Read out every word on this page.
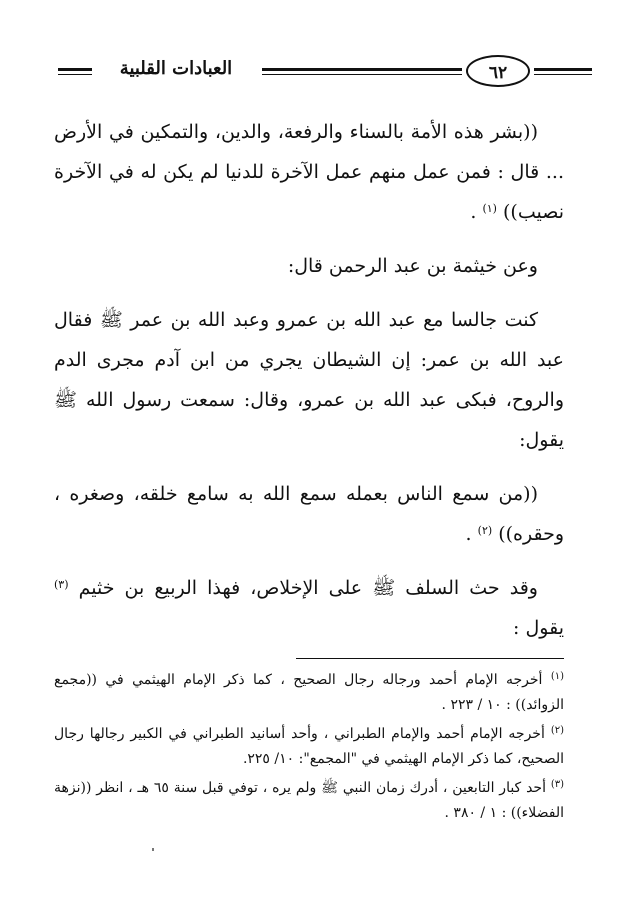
العبادات القلبية	٦٢

((بشر هذه الأمة بالسناء والرفعة، والدين، والتمكين في الأرض ... قال : فمن عمل منهم عمل الآخرة للدنيا لم يكن له في الآخرة نصيب)) $^{(١)}$ .

وعن خيثمة بن عبد الرحمن قال:

كنت جالسا مع عبد الله بن عمرو وعبد الله بن عمر ﷺ فقال عبد الله بن عمر: إن الشيطان يجري من ابن آدم مجرى الدم والروح، فبكى عبد الله بن عمرو، وقال: سمعت رسول الله ﷺ يقول:

((من سمع الناس بعمله سمع الله به سامع خلقه، وصغره ، وحقره)) $^{(٢)}$ .

وقد حث السلف ﷺ على الإخلاص، فهذا الربيع بن خثيم $^{(٣)}$ يقول :

$^{(١)}$ أخرجه الإمام أحمد ورجاله رجال الصحيح ، كما ذكر الإمام الهيثمي في ((مجمع الزوائد)) : ١٠ / ٢٢٣ .

$^{(٢)}$ أخرجه الإمام أحمد والإمام الطبراني ، وأحد أسانيد الطبراني في الكبير رجالها رجال الصحيح، كما ذكر الإمام الهيثمي في "المجمع": ١٠/ ٢٢٥.

$^{(٣)}$ أحد كبار التابعين ، أدرك زمان النبي ﷺ ولم يره ، توفي قبل سنة ٦٥ هـ ، انظر ((نزهة الفضلاء)) : ١ / ٣٨٠ .
